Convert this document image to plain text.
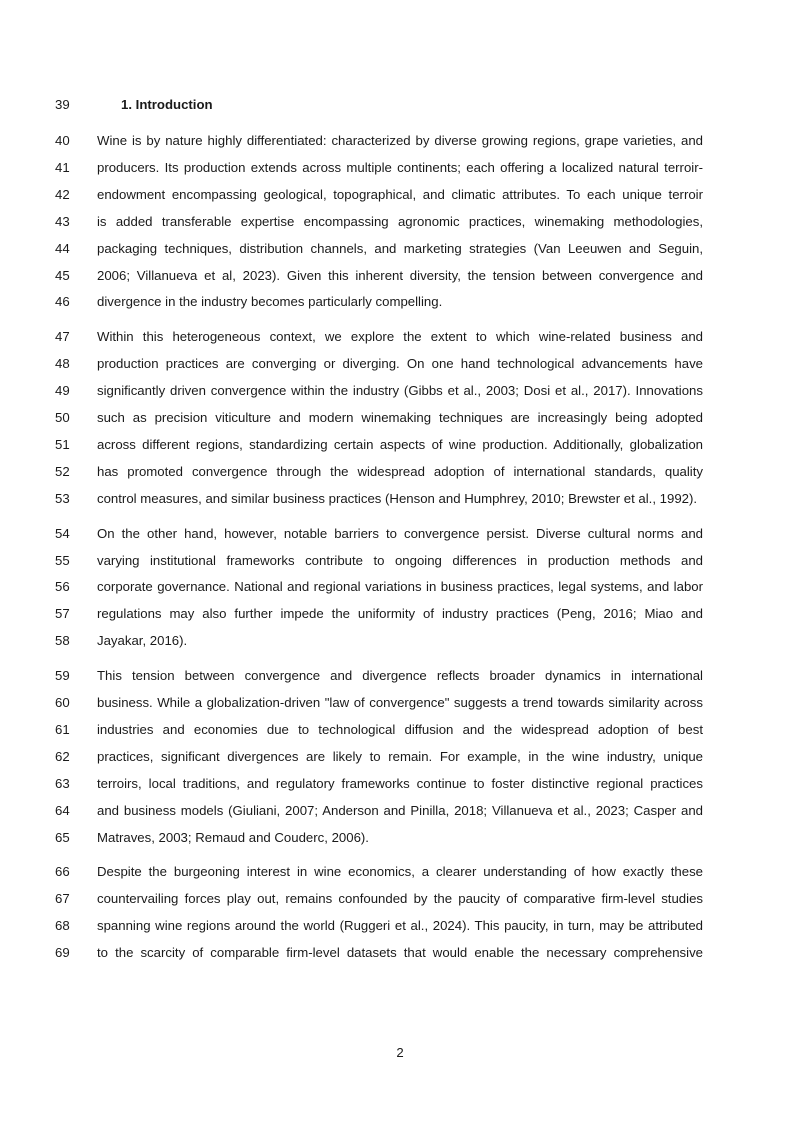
39	1. Introduction
40	Wine is by nature highly differentiated: characterized by diverse growing regions, grape varieties, and
41	producers. Its production extends across multiple continents; each offering a localized natural terroir-
42	endowment encompassing geological, topographical, and climatic attributes. To each unique terroir
43	is added transferable expertise encompassing agronomic practices, winemaking methodologies,
44	packaging techniques, distribution channels, and marketing strategies (Van Leeuwen and Seguin,
45	2006; Villanueva et al, 2023). Given this inherent diversity, the tension between convergence and
46	divergence in the industry becomes particularly compelling.
47	Within this heterogeneous context, we explore the extent to which wine-related business and
48	production practices are converging or diverging. On one hand technological advancements have
49	significantly driven convergence within the industry (Gibbs et al., 2003; Dosi et al., 2017). Innovations
50	such as precision viticulture and modern winemaking techniques are increasingly being adopted
51	across different regions, standardizing certain aspects of wine production. Additionally, globalization
52	has promoted convergence through the widespread adoption of international standards, quality
53	control measures, and similar business practices (Henson and Humphrey, 2010; Brewster et al., 1992).
54	On the other hand, however, notable barriers to convergence persist. Diverse cultural norms and
55	varying institutional frameworks contribute to ongoing differences in production methods and
56	corporate governance. National and regional variations in business practices, legal systems, and labor
57	regulations may also further impede the uniformity of industry practices (Peng, 2016; Miao and
58	Jayakar, 2016).
59	This tension between convergence and divergence reflects broader dynamics in international
60	business. While a globalization-driven "law of convergence" suggests a trend towards similarity across
61	industries and economies due to technological diffusion and the widespread adoption of best
62	practices, significant divergences are likely to remain. For example, in the wine industry, unique
63	terroirs, local traditions, and regulatory frameworks continue to foster distinctive regional practices
64	and business models (Giuliani, 2007; Anderson and Pinilla, 2018; Villanueva et al., 2023; Casper and
65	Matraves, 2003; Remaud and Couderc, 2006).
66	Despite the burgeoning interest in wine economics, a clearer understanding of how exactly these
67	countervailing forces play out, remains confounded by the paucity of comparative firm-level studies
68	spanning wine regions around the world (Ruggeri et al., 2024). This paucity, in turn, may be attributed
69	to the scarcity of comparable firm-level datasets that would enable the necessary comprehensive
2
